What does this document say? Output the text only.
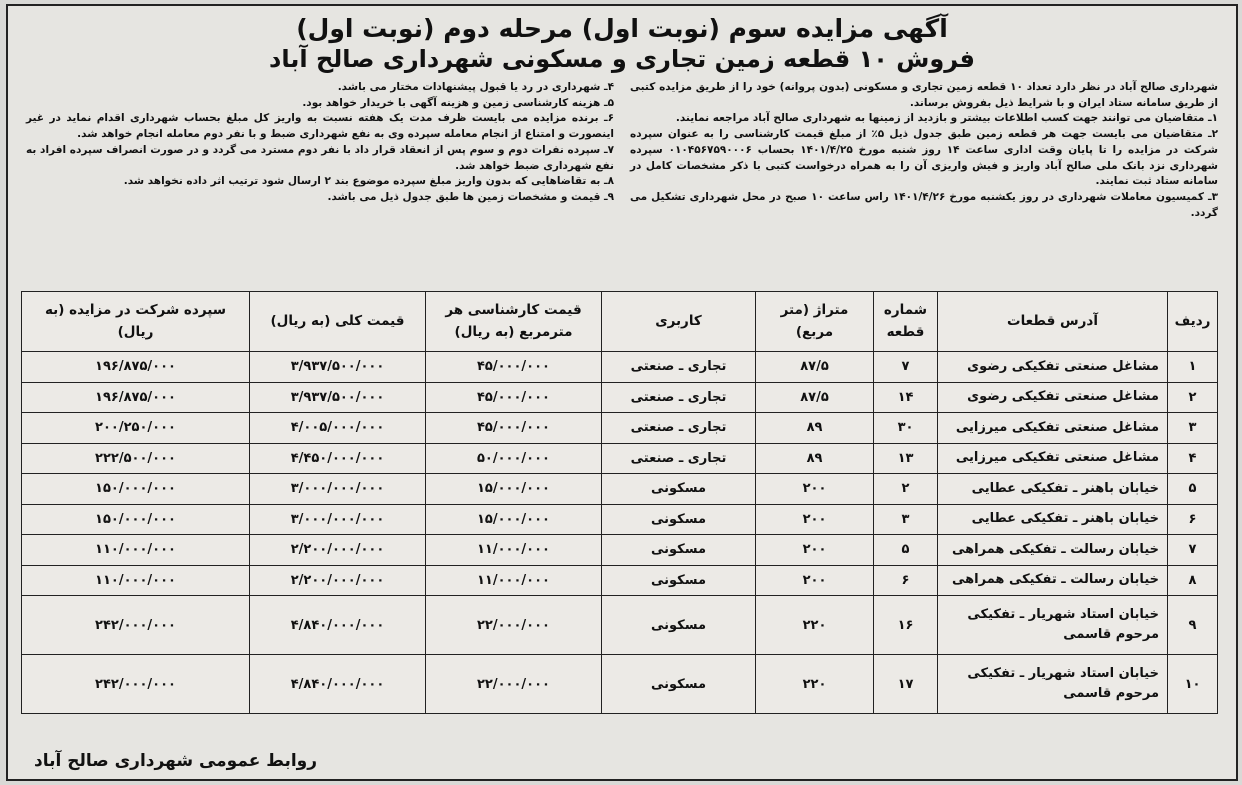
آگهی مزایده سوم (نوبت اول) مرحله دوم (نوبت اول)
فروش ۱۰ قطعه زمین تجاری و مسکونی شهرداری صالح آباد

شهرداری صالح آباد در نظر دارد تعداد ۱۰ قطعه زمین تجاری و مسکونی (بدون پروانه) خود را از طریق مزایده کتبی از طریق سامانه ستاد ایران و با شرایط ذیل بفروش برساند.

۱ـ متقاضیان می توانند جهت کسب اطلاعات بیشتر و بازدید از زمینها به شهرداری صالح آباد مراجعه نمایند.

۲ـ متقاضیان می بایست جهت هر قطعه زمین طبق جدول ذیل ۵٪ از مبلغ قیمت کارشناسی را به عنوان سپرده شرکت در مزایده را تا پایان وقت اداری ساعت ۱۴ روز شنبه مورخ ۱۴۰۱/۴/۲۵ بحساب ۰۱۰۴۵۶۷۵۹۰۰۰۶ سپرده شهرداری نزد بانک ملی صالح آباد واریز و فیش واریزی آن را به همراه درخواست کتبی با ذکر مشخصات کامل در سامانه ستاد ثبت نمایند.

۳ـ کمیسیون معاملات شهرداری در روز یکشنبه مورخ ۱۴۰۱/۴/۲۶ راس ساعت ۱۰ صبح در محل شهرداری تشکیل می گردد.

۴ـ شهرداری در رد یا قبول پیشنهادات مختار می باشد.

۵ـ هزینه کارشناسی زمین و هزینه آگهی با خریدار خواهد بود.

۶ـ برنده مزایده می بایست ظرف مدت یک هفته نسبت به واریز کل مبلغ بحساب شهرداری اقدام نماید در غیر اینصورت و امتناع از انجام معامله سپرده وی به نفع شهرداری ضبط و با نفر دوم معامله انجام خواهد شد.

۷ـ سپرده نفرات دوم و سوم پس از انعقاد قرار داد با نفر دوم مسترد می گردد و در صورت انصراف سپرده افراد به نفع شهرداری ضبط خواهد شد.

۸ـ به تقاضاهایی که بدون واریز مبلغ سپرده موضوع بند ۲ ارسال شود ترتیب اثر داده نخواهد شد.

۹ـ قیمت و مشخصات زمین ها طبق جدول ذیل می باشد.

ردیف	آدرس قطعات	شماره قطعه	متراژ (متر مربع)	کاربری	قیمت کارشناسی هر مترمربع (به ریال)	قیمت کلی (به ریال)	سپرده شرکت در مزایده (به ریال)
۱	مشاغل صنعتی تفکیکی رضوی	۷	۸۷/۵	تجاری ـ صنعتی	۴۵/۰۰۰/۰۰۰	۳/۹۳۷/۵۰۰/۰۰۰	۱۹۶/۸۷۵/۰۰۰
۲	مشاغل صنعتی تفکیکی رضوی	۱۴	۸۷/۵	تجاری ـ صنعتی	۴۵/۰۰۰/۰۰۰	۳/۹۳۷/۵۰۰/۰۰۰	۱۹۶/۸۷۵/۰۰۰
۳	مشاغل صنعتی تفکیکی میرزایی	۳۰	۸۹	تجاری ـ صنعتی	۴۵/۰۰۰/۰۰۰	۴/۰۰۵/۰۰۰/۰۰۰	۲۰۰/۲۵۰/۰۰۰
۴	مشاغل صنعتی تفکیکی میرزایی	۱۳	۸۹	تجاری ـ صنعتی	۵۰/۰۰۰/۰۰۰	۴/۴۵۰/۰۰۰/۰۰۰	۲۲۲/۵۰۰/۰۰۰
۵	خیابان باهنر ـ تفکیکی عطایی	۲	۲۰۰	مسکونی	۱۵/۰۰۰/۰۰۰	۳/۰۰۰/۰۰۰/۰۰۰	۱۵۰/۰۰۰/۰۰۰
۶	خیابان باهنر ـ تفکیکی عطایی	۳	۲۰۰	مسکونی	۱۵/۰۰۰/۰۰۰	۳/۰۰۰/۰۰۰/۰۰۰	۱۵۰/۰۰۰/۰۰۰
۷	خیابان رسالت ـ تفکیکی همراهی	۵	۲۰۰	مسکونی	۱۱/۰۰۰/۰۰۰	۲/۲۰۰/۰۰۰/۰۰۰	۱۱۰/۰۰۰/۰۰۰
۸	خیابان رسالت ـ تفکیکی همراهی	۶	۲۰۰	مسکونی	۱۱/۰۰۰/۰۰۰	۲/۲۰۰/۰۰۰/۰۰۰	۱۱۰/۰۰۰/۰۰۰
۹	خیابان استاد شهریار ـ تفکیکی مرحوم قاسمی	۱۶	۲۲۰	مسکونی	۲۲/۰۰۰/۰۰۰	۴/۸۴۰/۰۰۰/۰۰۰	۲۴۲/۰۰۰/۰۰۰
۱۰	خیابان استاد شهریار ـ تفکیکی مرحوم قاسمی	۱۷	۲۲۰	مسکونی	۲۲/۰۰۰/۰۰۰	۴/۸۴۰/۰۰۰/۰۰۰	۲۴۲/۰۰۰/۰۰۰
روابط عمومی شهرداری صالح آباد
